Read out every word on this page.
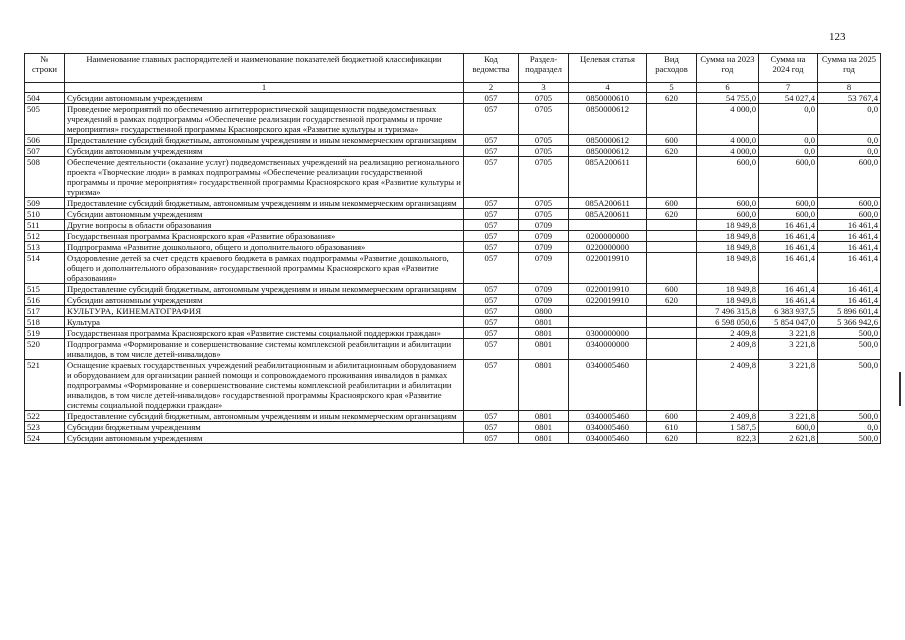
123
№ строки	Наименование главных распорядителей и наименование показателей бюджетной классификации	Код ведомства	Раздел-подраздел	Целевая статья	Вид расходов	Сумма на 2023 год	Сумма на 2024 год	Сумма на 2025 год
	1	2	3	4	5	6	7	8
504	Субсидии автономным учреждениям	057	0705	0850000610	620	54 755,0	54 027,4	53 767,4
505	Проведение мероприятий по обеспечению антитеррористической защищенности подведомственных учреждений в рамках подпрограммы «Обеспечение реализации государственной программы и прочие мероприятия» государственной программы Красноярского края «Развитие культуры и туризма»	057	0705	0850000612		4 000,0	0,0	0,0
506	Предоставление субсидий бюджетным, автономным учреждениям и иным некоммерческим организациям	057	0705	0850000612	600	4 000,0	0,0	0,0
507	Субсидии автономным учреждениям	057	0705	0850000612	620	4 000,0	0,0	0,0
508	Обеспечение деятельности (оказание услуг) подведомственных учреждений на реализацию регионального проекта «Творческие люди» в рамках подпрограммы «Обеспечение реализации государственной программы и прочие мероприятия» государственной программы Красноярского края «Развитие культуры и туризма»	057	0705	085А200611		600,0	600,0	600,0
509	Предоставление субсидий бюджетным, автономным учреждениям и иным некоммерческим организациям	057	0705	085А200611	600	600,0	600,0	600,0
510	Субсидии автономным учреждениям	057	0705	085А200611	620	600,0	600,0	600,0
511	Другие вопросы в области образования	057	0709			18 949,8	16 461,4	16 461,4
512	Государственная программа Красноярского края «Развитие образования»	057	0709	0200000000		18 949,8	16 461,4	16 461,4
513	Подпрограмма «Развитие дошкольного, общего и дополнительного образования»	057	0709	0220000000		18 949,8	16 461,4	16 461,4
514	Оздоровление детей за счет средств краевого бюджета в рамках подпрограммы «Развитие дошкольного, общего и дополнительного образования» государственной программы Красноярского края «Развитие образования»	057	0709	0220019910		18 949,8	16 461,4	16 461,4
515	Предоставление субсидий бюджетным, автономным учреждениям и иным некоммерческим организациям	057	0709	0220019910	600	18 949,8	16 461,4	16 461,4
516	Субсидии автономным учреждениям	057	0709	0220019910	620	18 949,8	16 461,4	16 461,4
517	КУЛЬТУРА, КИНЕМАТОГРАФИЯ	057	0800			7 496 315,8	6 383 937,5	5 896 601,4
518	Культура	057	0801			6 598 050,6	5 854 047,0	5 366 942,6
519	Государственная программа Красноярского края «Развитие системы социальной поддержки граждан»	057	0801	0300000000		2 409,8	3 221,8	500,0
520	Подпрограмма «Формирование и совершенствование системы комплексной реабилитации и абилитации инвалидов, в том числе детей-инвалидов»	057	0801	0340000000		2 409,8	3 221,8	500,0
521	Оснащение краевых государственных учреждений реабилитационным и абилитационным оборудованием и оборудованием для организации ранней помощи и сопровождаемого проживания инвалидов в рамках подпрограммы «Формирование и совершенствование системы комплексной реабилитации и абилитации инвалидов, в том числе детей-инвалидов» государственной программы Красноярского края «Развитие системы социальной поддержки граждан»	057	0801	0340005460		2 409,8	3 221,8	500,0
522	Предоставление субсидий бюджетным, автономным учреждениям и иным некоммерческим организациям	057	0801	0340005460	600	2 409,8	3 221,8	500,0
523	Субсидии бюджетным учреждениям	057	0801	0340005460	610	1 587,5	600,0	0,0
524	Субсидии автономным учреждениям	057	0801	0340005460	620	822,3	2 621,8	500,0
